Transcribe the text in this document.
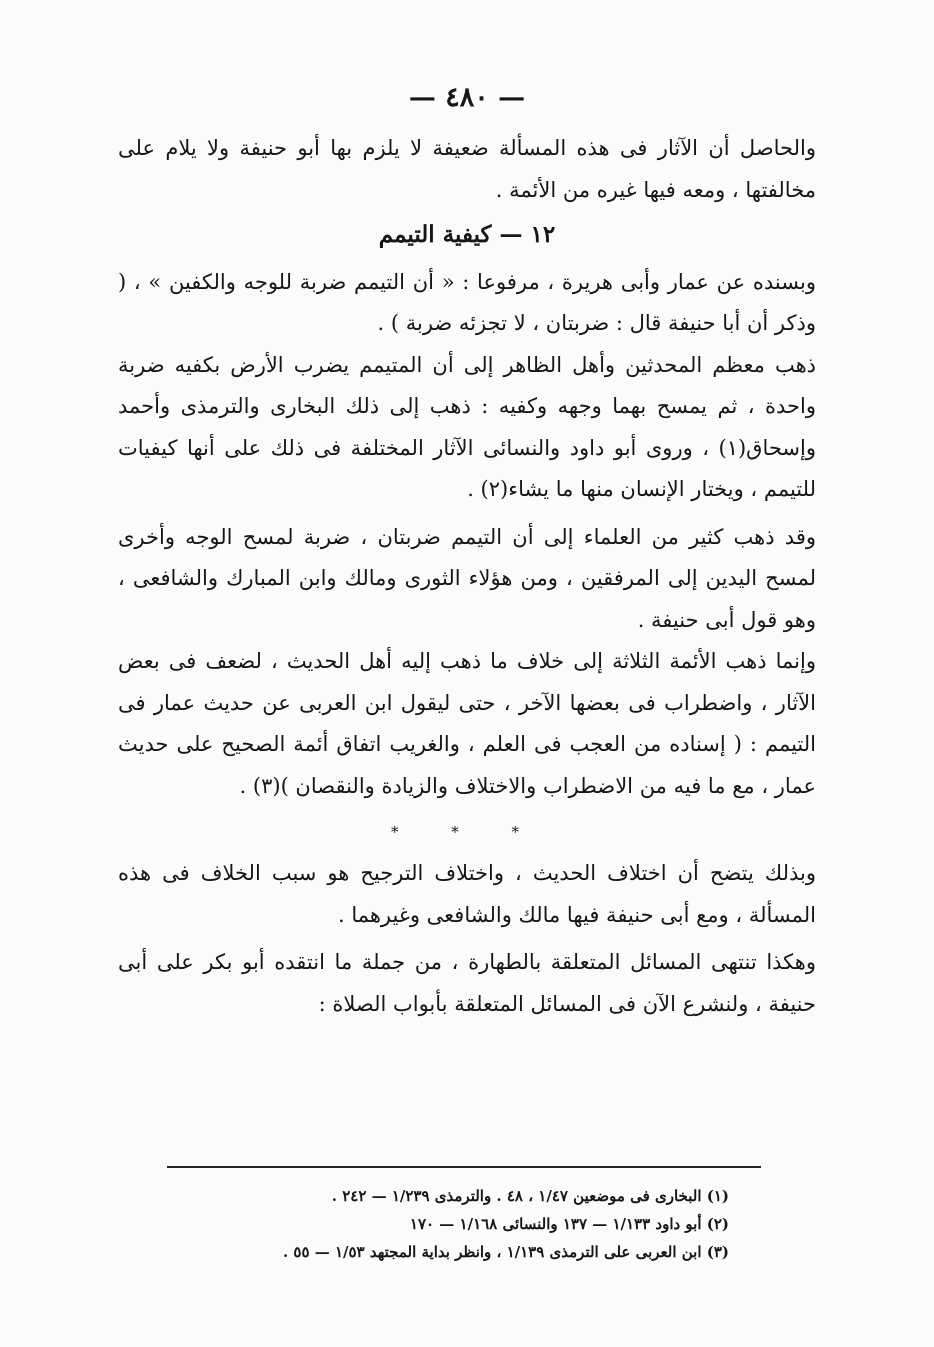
— ٤٨٠ —

والحاصل أن الآثار فى هذه المسألة ضعيفة لا يلزم بها أبو حنيفة ولا يلام على مخالفتها ، ومعه فيها غيره من الأئمة .

١٢ — كيفية التيمم

وبسنده عن عمار وأبى هريرة ، مرفوعا : « أن التيمم ضربة للوجه والكفين » ، ( وذكر أن أبا حنيفة قال : ضربتان ، لا تجزئه ضربة ) .

ذهب معظم المحدثين وأهل الظاهر إلى أن المتيمم يضرب الأرض بكفيه ضربة واحدة ، ثم يمسح بهما وجهه وكفيه : ذهب إلى ذلك البخارى والترمذى وأحمد وإسحاق(١) ، وروى أبو داود والنسائى الآثار المختلفة فى ذلك على أنها كيفيات للتيمم ، ويختار الإنسان منها ما يشاء(٢) .

وقد ذهب كثير من العلماء إلى أن التيمم ضربتان ، ضربة لمسح الوجه وأخرى لمسح اليدين إلى المرفقين ، ومن هؤلاء الثورى ومالك وابن المبارك والشافعى ، وهو قول أبى حنيفة .

وإنما ذهب الأئمة الثلاثة إلى خلاف ما ذهب إليه أهل الحديث ، لضعف فى بعض الآثار ، واضطراب فى بعضها الآخر ، حتى ليقول ابن العربى عن حديث عمار فى التيمم : ( إسناده من العجب فى العلم ، والغريب اتفاق أئمة الصحيح على حديث عمار ، مع ما فيه من الاضطراب والاختلاف والزيادة والنقصان )(٣) .

* * *

وبذلك يتضح أن اختلاف الحديث ، واختلاف الترجيح هو سبب الخلاف فى هذه المسألة ، ومع أبى حنيفة فيها مالك والشافعى وغيرهما .

وهكذا تنتهى المسائل المتعلقة بالطهارة ، من جملة ما انتقده أبو بكر على أبى حنيفة ، ولنشرع الآن فى المسائل المتعلقة بأبواب الصلاة :

(١) البخارى فى موضعين ١/٤٧ ، ٤٨ . والترمذى ١/٢٣٩ — ٢٤٢ .

(٢) أبو داود ١/١٣٣ — ١٣٧ والنسائى ١/١٦٨ — ١٧٠

(٣) ابن العربى على الترمذى ١/١٣٩ ، وانظر بداية المجتهد ١/٥٣ — ٥٥ .
